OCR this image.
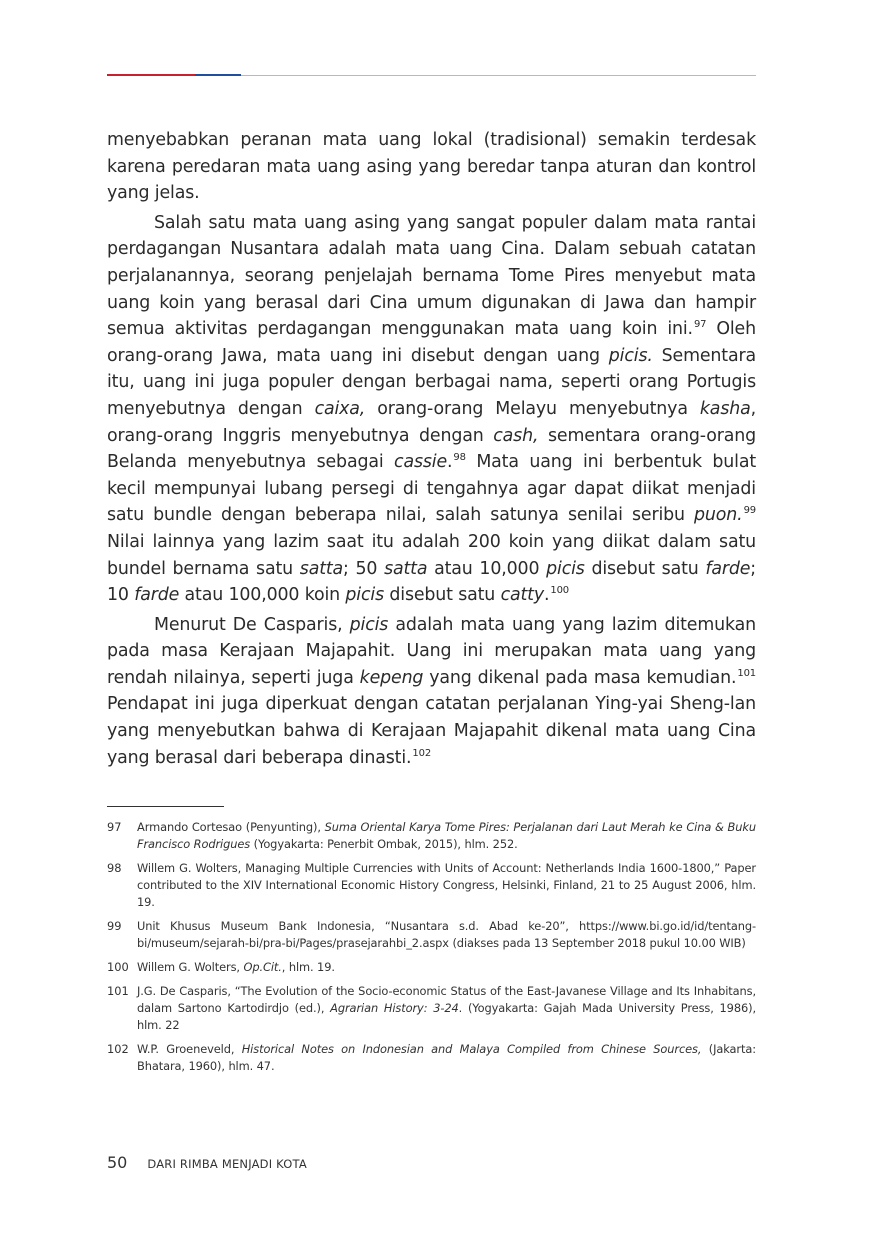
menyebabkan peranan mata uang lokal (tradisional) semakin terdesak karena peredaran mata uang asing yang beredar tanpa aturan dan kontrol yang jelas.

Salah satu mata uang asing yang sangat populer dalam mata rantai perdagangan Nusantara adalah mata uang Cina. Dalam sebuah catatan perjalanannya, seorang penjelajah bernama Tome Pires menyebut mata uang koin yang berasal dari Cina umum digunakan di Jawa dan hampir semua aktivitas perdagangan menggunakan mata uang koin ini.$^{97}$ Oleh orang-orang Jawa, mata uang ini disebut dengan uang picis. Sementara itu, uang ini juga populer dengan berbagai nama, seperti orang Portugis menyebutnya dengan caixa, orang-orang Melayu menyebutnya kasha, orang-orang Inggris menyebutnya dengan cash, sementara orang-orang Belanda menyebutnya sebagai cassie.$^{98}$ Mata uang ini berbentuk bulat kecil mempunyai lubang persegi di tengahnya agar dapat diikat menjadi satu bundle dengan beberapa nilai, salah satunya senilai seribu puon.$^{99}$ Nilai lainnya yang lazim saat itu adalah 200 koin yang diikat dalam satu bundel bernama satu satta; 50 satta atau 10,000 picis disebut satu farde; 10 farde atau 100,000 koin picis disebut satu catty.$^{100}$

Menurut De Casparis, picis adalah mata uang yang lazim ditemukan pada masa Kerajaan Majapahit. Uang ini merupakan mata uang yang rendah nilainya, seperti juga kepeng yang dikenal pada masa kemudian.$^{101}$ Pendapat ini juga diperkuat dengan catatan perjalanan Ying-yai Sheng-lan yang menyebutkan bahwa di Kerajaan Majapahit dikenal mata uang Cina yang berasal dari beberapa dinasti.$^{102}$

97	Armando Cortesao (Penyunting), Suma Oriental Karya Tome Pires: Perjalanan dari Laut Merah ke Cina & Buku Francisco Rodrigues (Yogyakarta: Penerbit Ombak, 2015), hlm. 252.
98	Willem G. Wolters, Managing Multiple Currencies with Units of Account: Netherlands India 1600-1800,” Paper contributed to the XIV International Economic History Congress, Helsinki, Finland, 21 to 25 August 2006, hlm. 19.
99	Unit Khusus Museum Bank Indonesia, “Nusantara s.d. Abad ke-20”, https://www.bi.go.id/id/tentang-bi/museum/sejarah-bi/pra-bi/Pages/prasejarahbi_2.aspx (diakses pada 13 September 2018 pukul 10.00 WIB)
100 Willem G. Wolters, Op.Cit., hlm. 19.
101 J.G. De Casparis, “The Evolution of the Socio-economic Status of the East-Javanese Village and Its Inhabitans, dalam Sartono Kartodirdjo (ed.), Agrarian History: 3-24. (Yogyakarta: Gajah Mada University Press, 1986), hlm. 22
102 W.P. Groeneveld, Historical Notes on Indonesian and Malaya Compiled from Chinese Sources, (Jakarta: Bhatara, 1960), hlm. 47.
50 DARI RIMBA MENJADI KOTA
